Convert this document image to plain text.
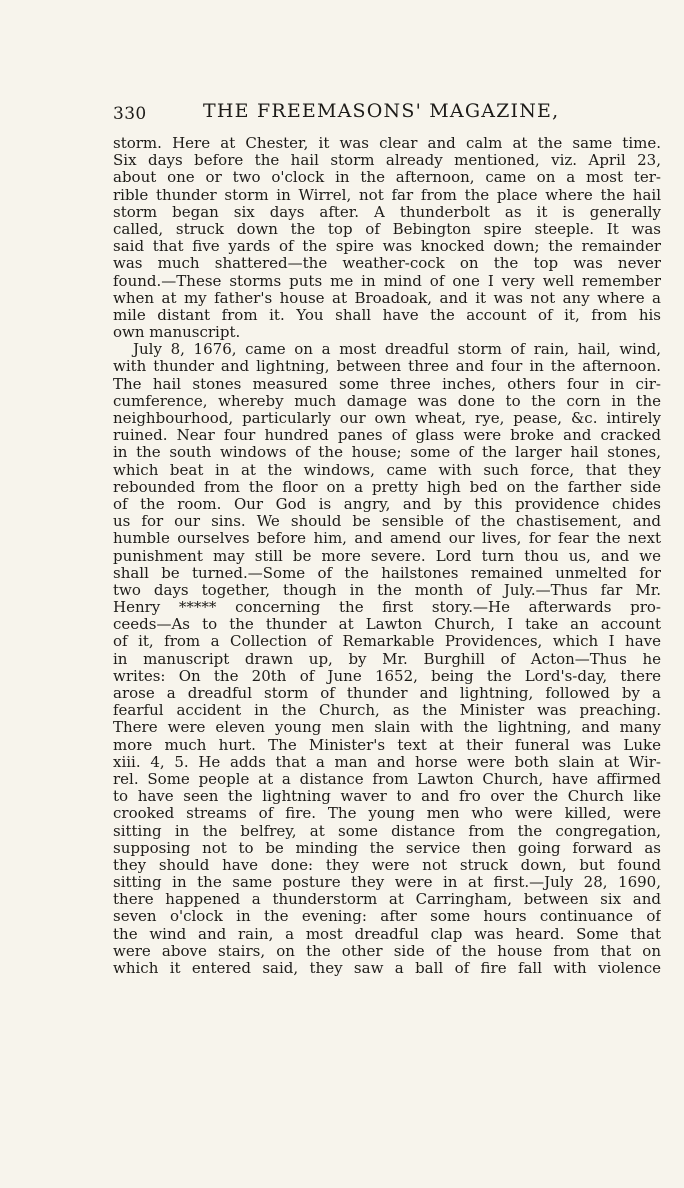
330	THE FREEMASONS' MAGAZINE,
storm. Here at Chester, it was clear and calm at the same time.
Six days before the hail storm already mentioned, viz. April 23,
about one or two o'clock in the afternoon, came on a most ter-
rible thunder storm in Wirrel, not far from the place where the hail
storm began six days after. A thunderbolt as it is generally
called, struck down the top of Bebington spire steeple. It was
said that five yards of the spire was knocked down; the remainder
was much shattered—the weather-cock on the top was never
found.—These storms puts me in mind of one I very well remember
when at my father's house at Broadoak, and it was not any where a
mile distant from it. You shall have the account of it, from his
own manuscript.
July 8, 1676, came on a most dreadful storm of rain, hail, wind,
with thunder and lightning, between three and four in the afternoon.
The hail stones measured some three inches, others four in cir-
cumference, whereby much damage was done to the corn in the
neighbourhood, particularly our own wheat, rye, pease, &c. intirely
ruined. Near four hundred panes of glass were broke and cracked
in the south windows of the house; some of the larger hail stones,
which beat in at the windows, came with such force, that they
rebounded from the floor on a pretty high bed on the farther side
of the room. Our God is angry, and by this providence chides
us for our sins. We should be sensible of the chastisement, and
humble ourselves before him, and amend our lives, for fear the next
punishment may still be more severe. Lord turn thou us, and we
shall be turned.—Some of the hailstones remained unmelted for
two days together, though in the month of July.—Thus far Mr.
Henry ***** concerning the first story.—He afterwards pro-
ceeds—As to the thunder at Lawton Church, I take an account
of it, from a Collection of Remarkable Providences, which I have
in manuscript drawn up, by Mr. Burghill of Acton—Thus he
writes: On the 20th of June 1652, being the Lord's-day, there
arose a dreadful storm of thunder and lightning, followed by a
fearful accident in the Church, as the Minister was preaching.
There were eleven young men slain with the lightning, and many
more much hurt. The Minister's text at their funeral was Luke
xiii. 4, 5. He adds that a man and horse were both slain at Wir-
rel. Some people at a distance from Lawton Church, have affirmed
to have seen the lightning waver to and fro over the Church like
crooked streams of fire. The young men who were killed, were
sitting in the belfrey, at some distance from the congregation,
supposing not to be minding the service then going forward as
they should have done: they were not struck down, but found
sitting in the same posture they were in at first.—July 28, 1690,
there happened a thunderstorm at Carringham, between six and
seven o'clock in the evening: after some hours continuance of
the wind and rain, a most dreadful clap was heard. Some that
were above stairs, on the other side of the house from that on
which it entered said, they saw a ball of fire fall with violence
